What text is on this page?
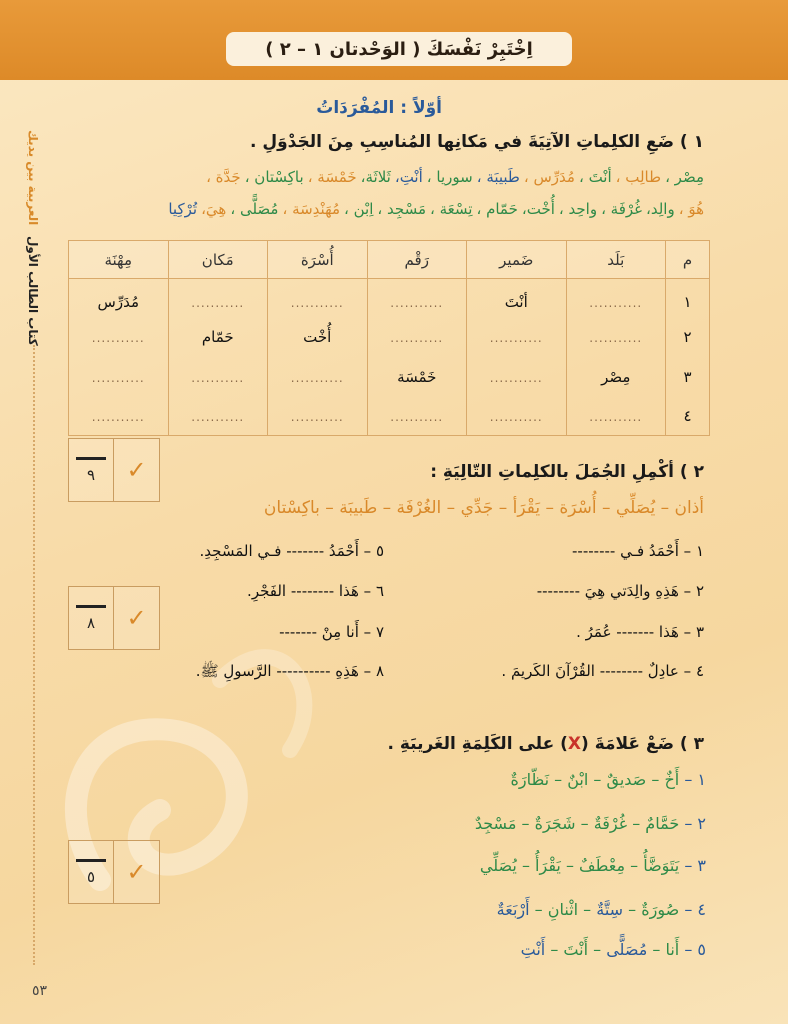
اِخْتَبِرْ نَفْسَكَ ( الوَحْدتان ١ – ٢ )
العربية بين يديك
كتاب الطالب الأول
٥٣
أوّلاً : المُفْرَدَاتُ
١ ) ضَعِ الكلِماتِ الآتِيَةَ في مَكانِها المُناسِبِ مِنَ الجَدْوَلِ .
مِصْر ،طالِب ،أنْتَ ،مُدَرِّس ،طَبيبَة ،سوريا ،أنْتِ،ثَلاثَة،خَمْسَة ،باكِسْتان ،جَدَّة ،
هُوَ ،والِد،غُرْفَة ،واحِد ،أُخْت،حَمّام ،تِسْعَة ،مَسْجِد ،اِبْن ،مُهَنْدِسَة ،مُصَلًّى ،هِيَ،تُرْكِيا
م	بَلَد	ضَمير	رَقْم	أُسْرَة	مَكان	مِهْنَة
١	...........	أنْتَ	...........	...........	...........	مُدَرِّس
٢	...........	...........	...........	أُخْت	حَمّام	...........
٣	مِصْر	...........	خَمْسَة	...........	...........	...........
٤	...........	...........	...........	...........	...........	...........
٩ ✓	٢ ) أكْمِلِ الجُمَلَ بالكلِماتِ التّالِيَةِ :
أذان – يُصَلِّي – أُسْرَة – يَقْرَأ – جَدِّي – الغُرْفَة – طَبيبَة – باكِسْتان
١ – أَحْمَدُ فـي --------
٢ – هَذِهِ والِدَتي هِيَ --------
٣ – هَذا ------- عُمَرُ .
٤ – عادِلٌ -------- القُرْآنَ الكَريمَ .
٥ – أَحْمَدُ ------- فـي المَسْجِدِ.
٦ – هَذا -------- الفَجْرِ.
٧ – أَنا مِنْ -------
٨ – هَذِهِ ---------- الرَّسولِ ﷺ.
٨ ✓
٣ ) ضَعْ عَلامَةَ (X) على الكَلِمَةِ الغَريبَةِ .
١ – أَخٌ – صَديقٌ – ابْنٌ – نَظّارَةٌ
٢ – حَمَّامٌ – غُرْفَةٌ – شَجَرَةٌ – مَسْجِدٌ
٣ – يَتَوَضَّأُ – مِعْطَفٌ – يَقْرَأُ – يُصَلِّي
٤ – صُورَةٌ – سِتَّةٌ – اثْنانِ – أَرْبَعَةٌ
٥ – أَنا – مُصَلًّى – أَنْتَ – أَنْتِ
٥ ✓
